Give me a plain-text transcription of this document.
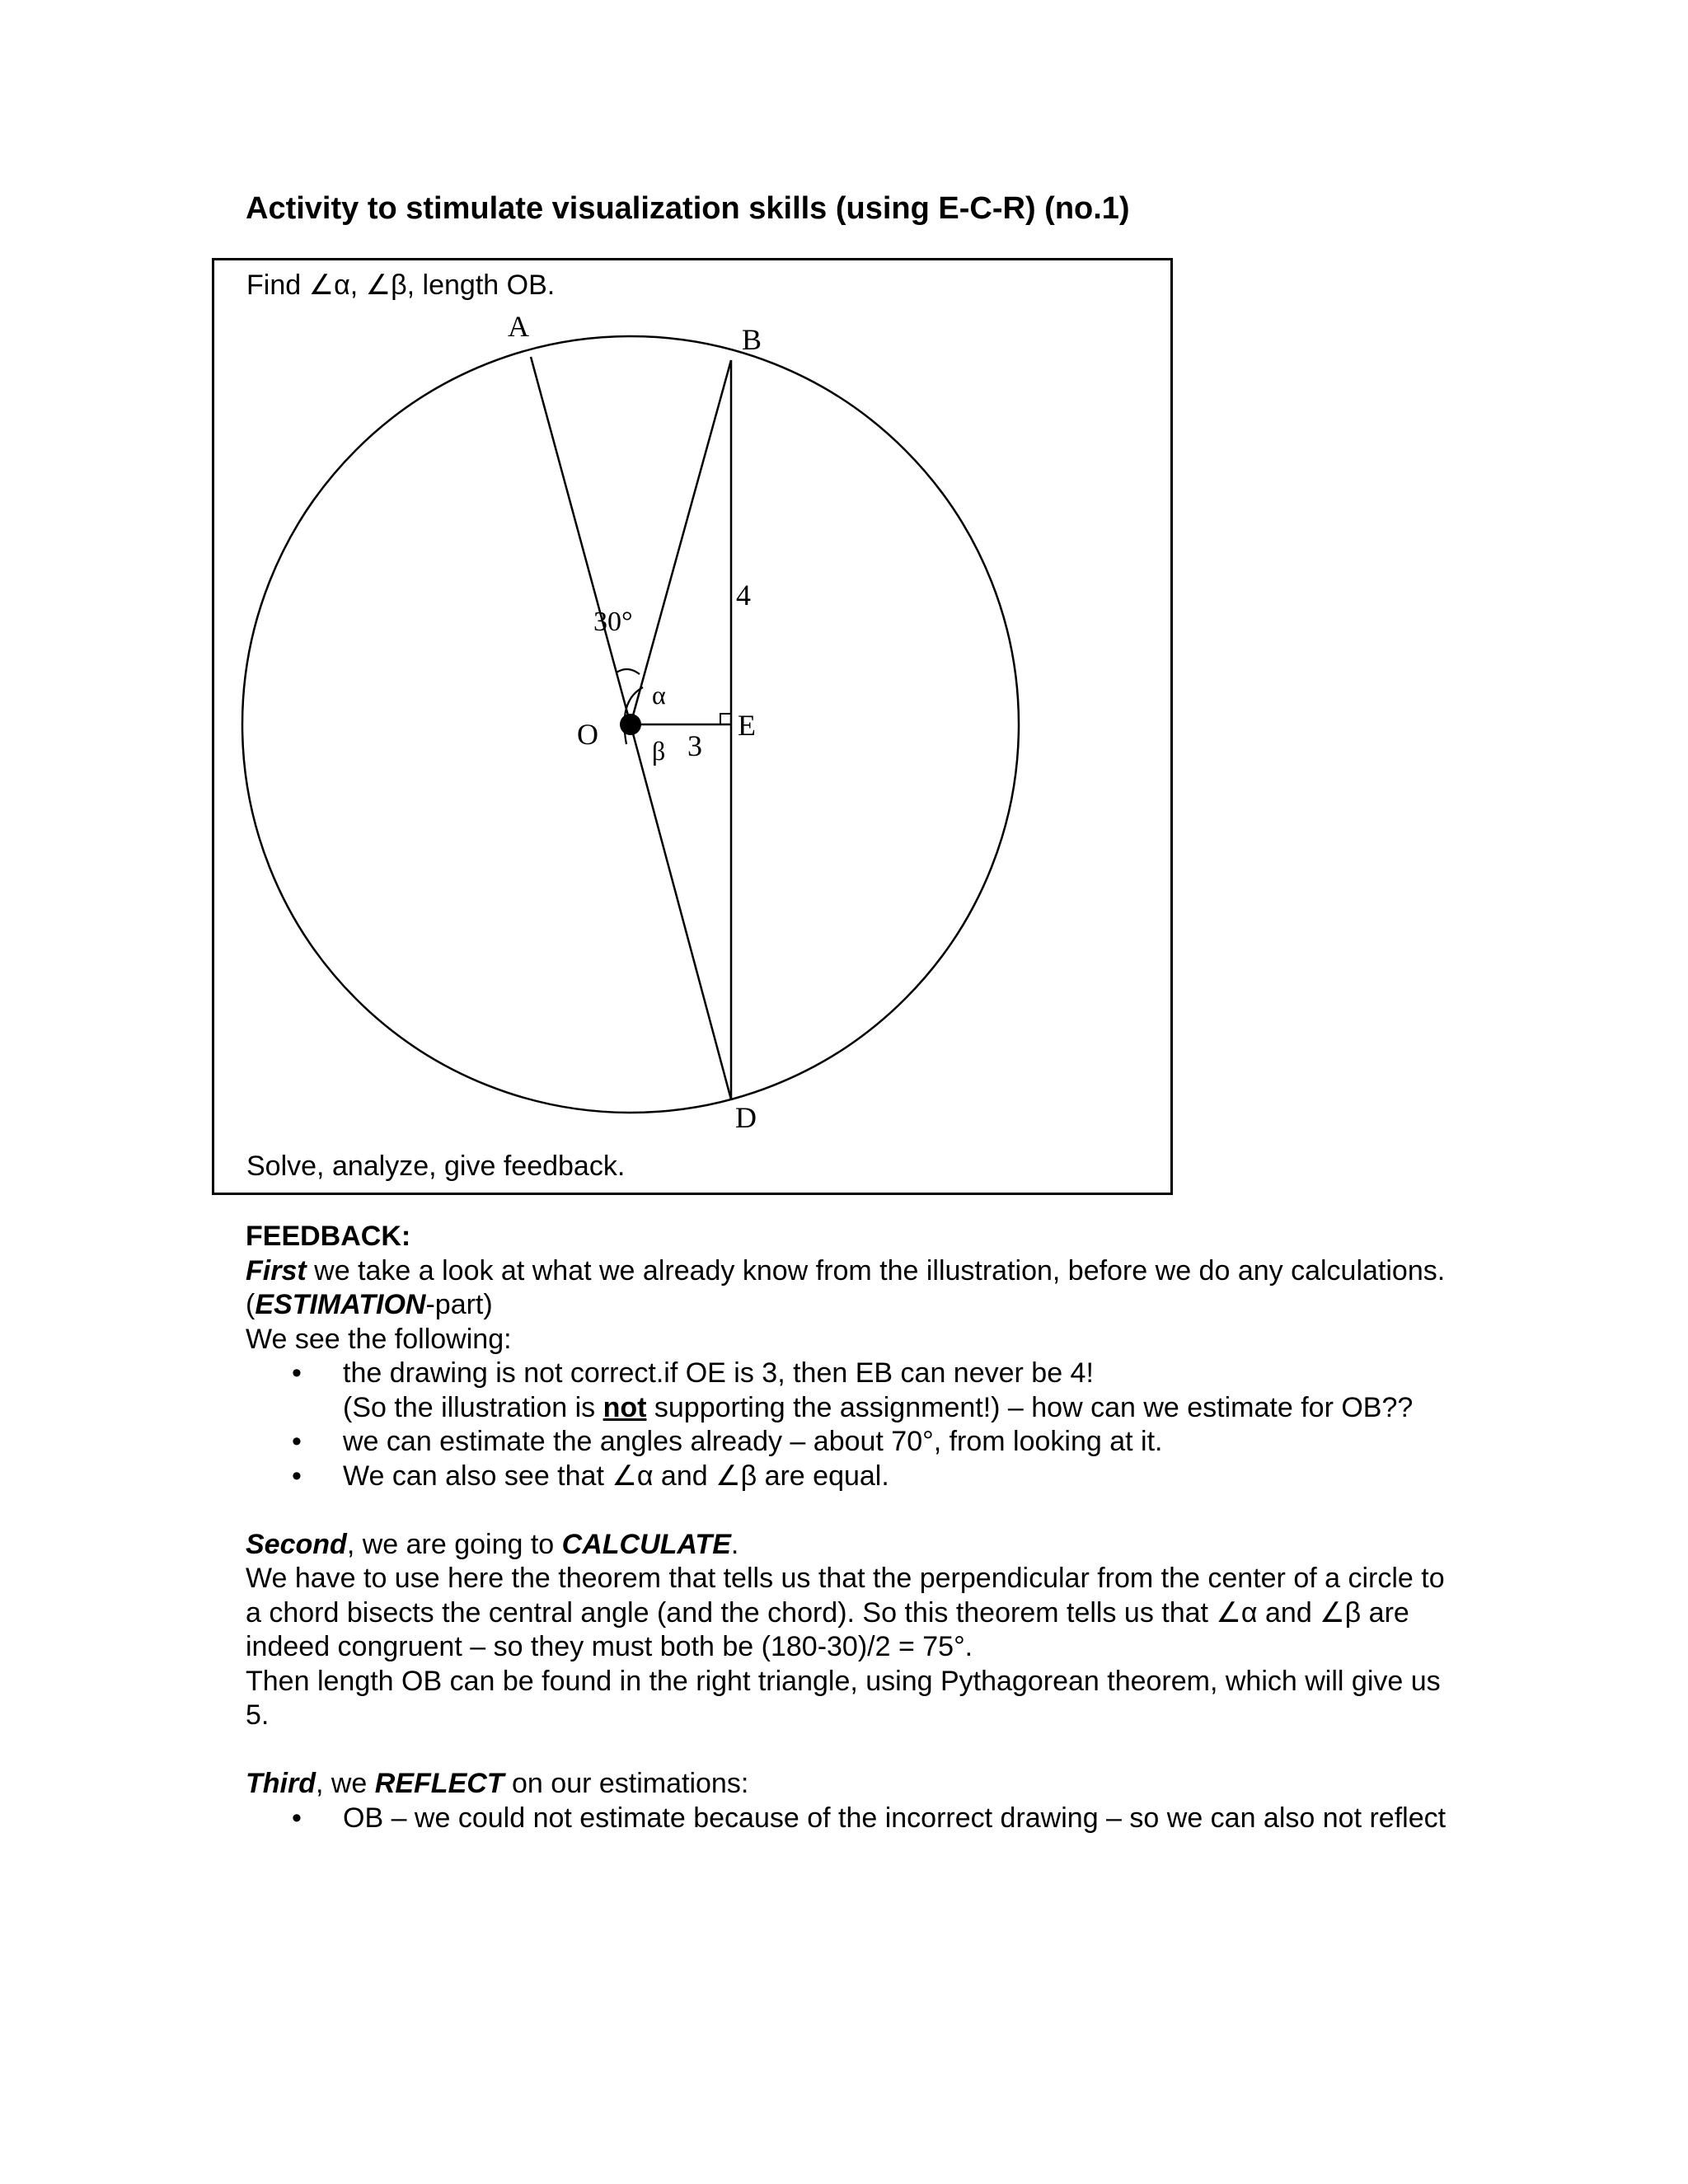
Activity to stimulate visualization skills (using E-C-R) (no.1)
Find ∠α, ∠β, length OB.
A	B
D
E
O
30°
α
β
4
3
Solve, analyze, give feedback.

FEEDBACK:

First we take a look at what we already know from the illustration, before we do any calculations. (ESTIMATION-part)

We see the following:

• the drawing is not correct.if OE is 3, then EB can never be 4!
(So the illustration is not supporting the assignment!) – how can we estimate for OB??
• we can estimate the angles already – about 70°, from looking at it.
• We can also see that ∠α and ∠β are equal.

Second, we are going to CALCULATE.

We have to use here the theorem that tells us that the perpendicular from the center of a circle to a chord bisects the central angle (and the chord). So this theorem tells us that ∠α and ∠β are indeed congruent – so they must both be (180-30)/2 = 75°.

Then length OB can be found in the right triangle, using Pythagorean theorem, which will give us 5.

Third, we REFLECT on our estimations:

• OB – we could not estimate because of the incorrect drawing – so we can also not reflect
